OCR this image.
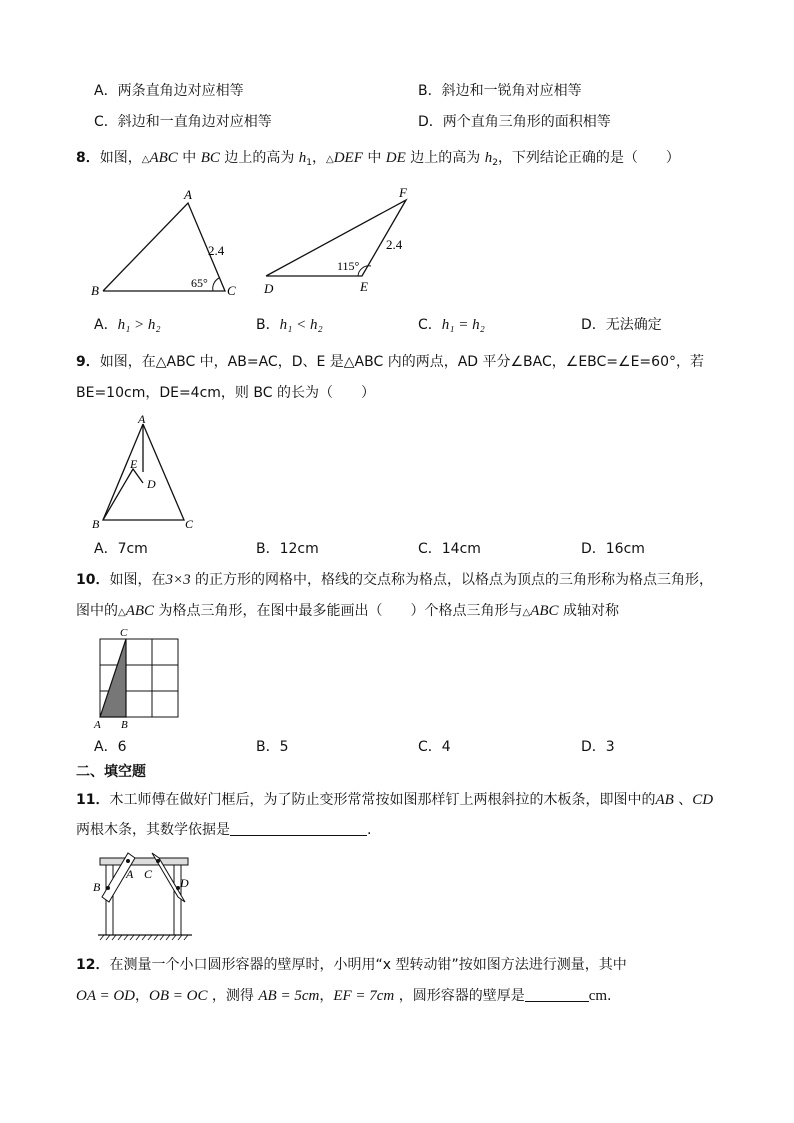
A．两条直角边对应相等	B．斜边和一锐角对应相等
C．斜边和一直角边对应相等	D．两个直角三角形的面积相等
8．如图，△ABC 中 BC 边上的高为 $h_1$，△DEF 中 DE 边上的高为 $h_2$，下列结论正确的是（　　）
A
B	C
2.4
65°
F
D	E
2.4
115°
A．h₁ > h₂	B．h₁ < h₂	C．h₁ = h₂	D．无法确定
9．如图，在△ABC 中，AB=AC，D、E 是△ABC 内的两点，AD 平分∠BAC，∠EBC=∠E=60°，若
BE=10cm，DE=4cm，则 BC 的长为（　　）
A
B	C
E
D
A．7cm	B．12cm	C．14cm	D．16cm
10．如图，在3×3 的正方形的网格中，格线的交点称为格点，以格点为顶点的三角形称为格点三角形，
图中的△ABC 为格点三角形，在图中最多能画出（　　）个格点三角形与△ABC 成轴对称
C
A B
A．6	B．5	C．4	D．3
二、填空题
11．木工师傅在做好门框后，为了防止变形常常按如图那样钉上两根斜拉的木板条，即图中的AB 、CD
两根木条，其数学依据是	.
A
B
C
D
12．在测量一个小口圆形容器的壁厚时，小明用“x 型转动钳”按如图方法进行测量，其中
OA = OD，OB = OC ，测得 AB = 5cm，EF = 7cm ，圆形容器的壁厚是	cm.
